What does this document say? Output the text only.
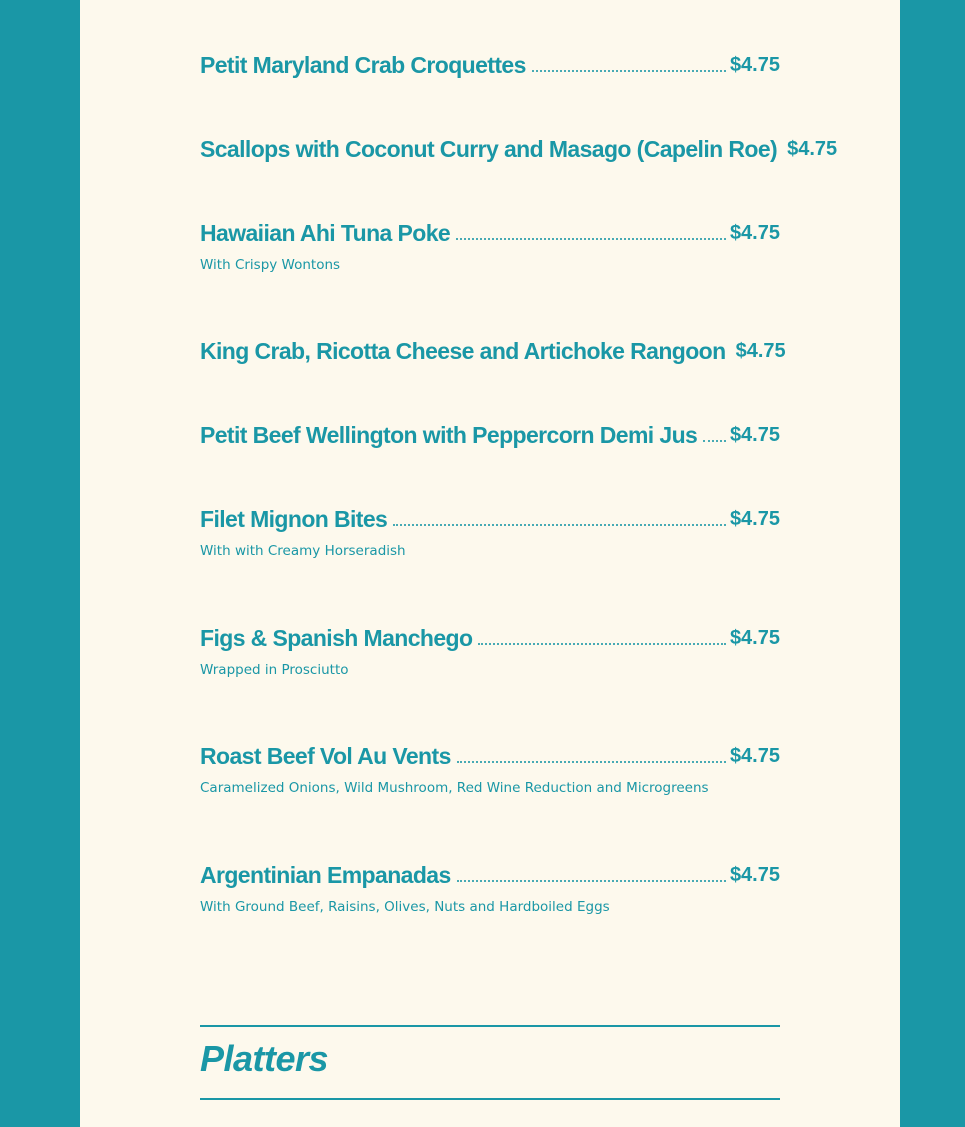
Petit Maryland Crab Croquettes	$4.75
Scallops with Coconut Curry and Masago (Capelin Roe) $4.75
Hawaiian Ahi Tuna Poke	$4.75
With Crispy Wontons
King Crab, Ricotta Cheese and Artichoke Rangoon $4.75
Petit Beef Wellington with Peppercorn Demi Jus $4.75
Filet Mignon Bites	$4.75
With with Creamy Horseradish
Figs & Spanish Manchego	$4.75
Wrapped in Prosciutto
Roast Beef Vol Au Vents	$4.75
Caramelized Onions, Wild Mushroom, Red Wine Reduction and Microgreens
Argentinian Empanadas	$4.75
With Ground Beef, Raisins, Olives, Nuts and Hardboiled Eggs
Platters
